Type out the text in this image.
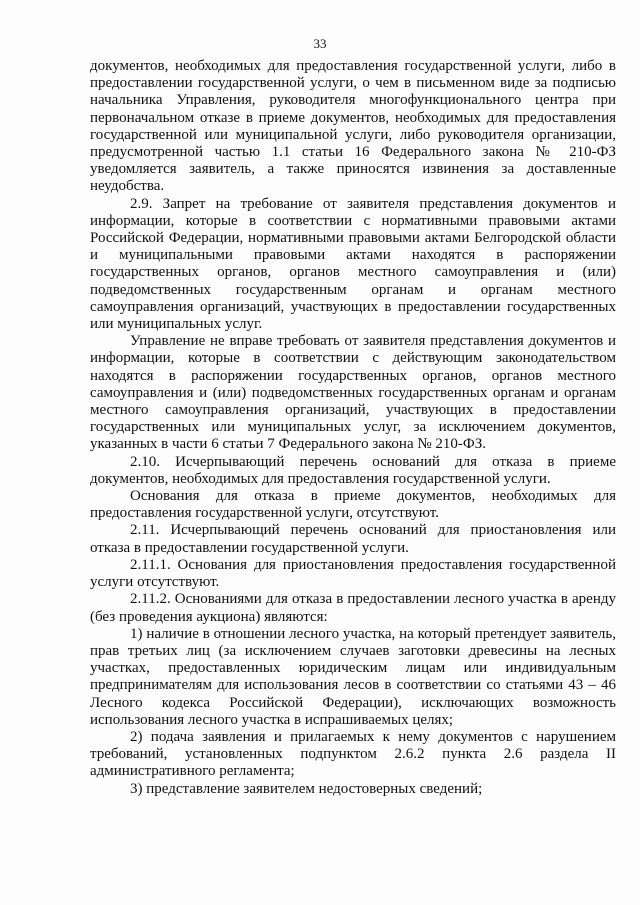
33

документов, необходимых для предоставления государственной услуги, либо в предоставлении государственной услуги, о чем в письменном виде за подписью начальника Управления, руководителя многофункционального центра при первоначальном отказе в приеме документов, необходимых для предоставления государственной или муниципальной услуги, либо руководителя организации, предусмотренной частью 1.1 статьи 16 Федерального закона № 210-ФЗ уведомляется заявитель, а также приносятся извинения за доставленные неудобства.

2.9. Запрет на требование от заявителя представления документов и информации, которые в соответствии с нормативными правовыми актами Российской Федерации, нормативными правовыми актами Белгородской области и муниципальными правовыми актами находятся в распоряжении государственных органов, органов местного самоуправления и (или) подведомственных государственным органам и органам местного самоуправления организаций, участвующих в предоставлении государственных или муниципальных услуг.

Управление не вправе требовать от заявителя представления документов и информации, которые в соответствии с действующим законодательством находятся в распоряжении государственных органов, органов местного самоуправления и (или) подведомственных государственных органам и органам местного самоуправления организаций, участвующих в предоставлении государственных или муниципальных услуг, за исключением документов, указанных в части 6 статьи 7 Федерального закона № 210-ФЗ.

2.10. Исчерпывающий перечень оснований для отказа в приеме документов, необходимых для предоставления государственной услуги.

Основания для отказа в приеме документов, необходимых для предоставления государственной услуги, отсутствуют.

2.11. Исчерпывающий перечень оснований для приостановления или отказа в предоставлении государственной услуги.

2.11.1. Основания для приостановления предоставления государственной услуги отсутствуют.

2.11.2. Основаниями для отказа в предоставлении лесного участка в аренду (без проведения аукциона) являются:

1) наличие в отношении лесного участка, на который претендует заявитель, прав третьих лиц (за исключением случаев заготовки древесины на лесных участках, предоставленных юридическим лицам или индивидуальным предпринимателям для использования лесов в соответствии со статьями 43 – 46 Лесного кодекса Российской Федерации), исключающих возможность использования лесного участка в испрашиваемых целях;

2) подача заявления и прилагаемых к нему документов с нарушением требований, установленных подпунктом 2.6.2 пункта 2.6 раздела II административного регламента;

3) представление заявителем недостоверных сведений;
